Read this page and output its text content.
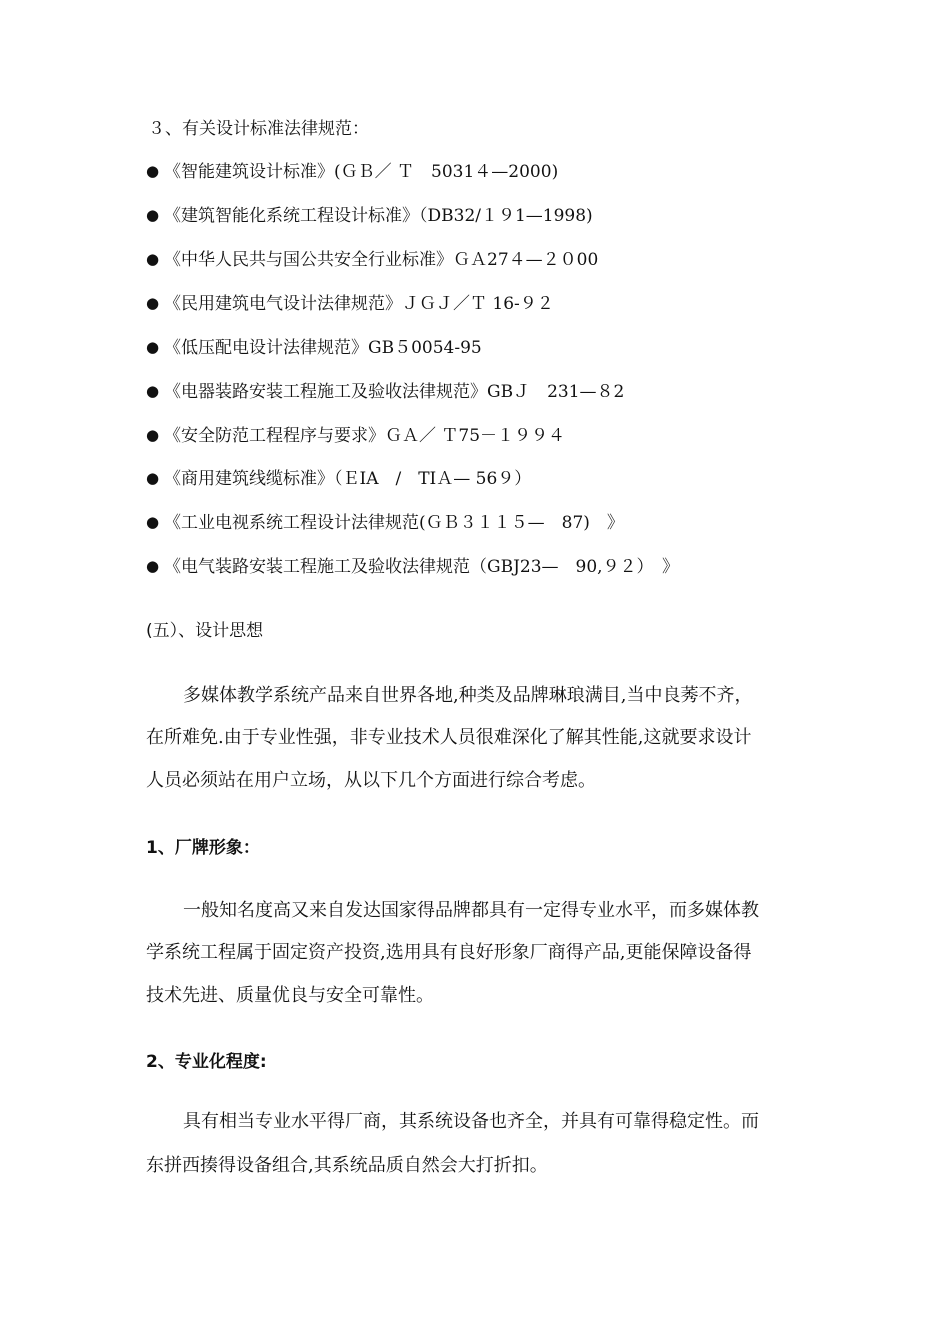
３、有关设计标准法律规范：
● 《智能建筑设计标准》(ＧＢ／ Ｔ　5031４—2000)
● 《建筑智能化系统工程设计标准》（DB32/１９1—1998)
● 《中华人民共与国公共安全行业标准》ＧＡ27４—２０00
● 《民用建筑电气设计法律规范》ＪＧＪ／Ｔ 16-９２
● 《低压配电设计法律规范》GB５0054-95
● 《电器装路安装工程施工及验收法律规范》GBＪ　231—８2
● 《安全防范工程程序与要求》ＧＡ／ Ｔ75－１９９４
● 《商用建筑线缆标准》（ＥIA　/　TIＡ— 56９）
● 《工业电视系统工程设计法律规范(ＧＢ３１１５—　87)　》
● 《电气装路安装工程施工及验收法律规范（GBJ23—　90,９２）　》
(五）、设计思想
多媒体教学系统产品来自世界各地,种类及品牌琳琅满目,当中良莠不齐，
在所难免.由于专业性强，非专业技术人员很难深化了解其性能,这就要求设计
人员必须站在用户立场，从以下几个方面进行综合考虑。
1、厂牌形象：
一般知名度高又来自发达国家得品牌都具有一定得专业水平，而多媒体教
学系统工程属于固定资产投资,选用具有良好形象厂商得产品,更能保障设备得
技术先进、质量优良与安全可靠性。
2、专业化程度:
具有相当专业水平得厂商，其系统设备也齐全，并具有可靠得稳定性。而
东拼西揍得设备组合,其系统品质自然会大打折扣。
